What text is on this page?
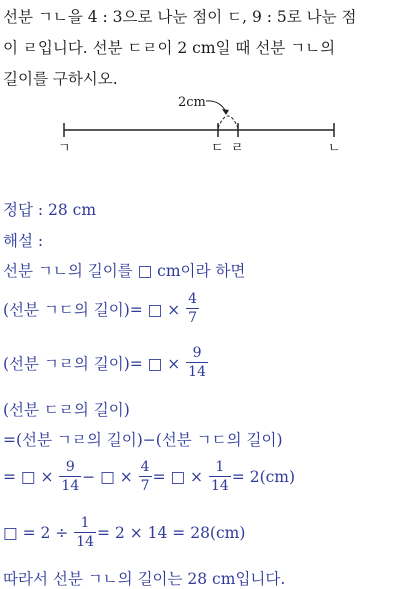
선분 ㄱㄴ을 4 : 3으로 나눈 점이 ㄷ, 9 : 5로 나눈 점
이 ㄹ입니다. 선분 ㄷㄹ이 2 cm일 때 선분 ㄱㄴ의
길이를 구하시오.
2cm
ㄱ	ㄷ ㄹ	ㄴ
정답 : 28 cm
해설 :
선분 ㄱㄴ의 길이를 □ cm이라 하면
(선분 ㄱㄷ의 길이)= □ × $\frac{4}{7}$
(선분 ㄱㄹ의 길이)= □ × $\frac{9}{14}$
(선분 ㄷㄹ의 길이)
=(선분 ㄱㄹ의 길이)−(선분 ㄱㄷ의 길이)
= □ × $\frac{9}{14}$ − □ × $\frac{4}{7}$ = □ × $\frac{1}{14} = 2(cm)$
□ = $2 \div \frac{1}{14} = 2 \times 14 = 28(cm)$
따라서 선분 ㄱㄴ의 길이는 28 cm입니다.
